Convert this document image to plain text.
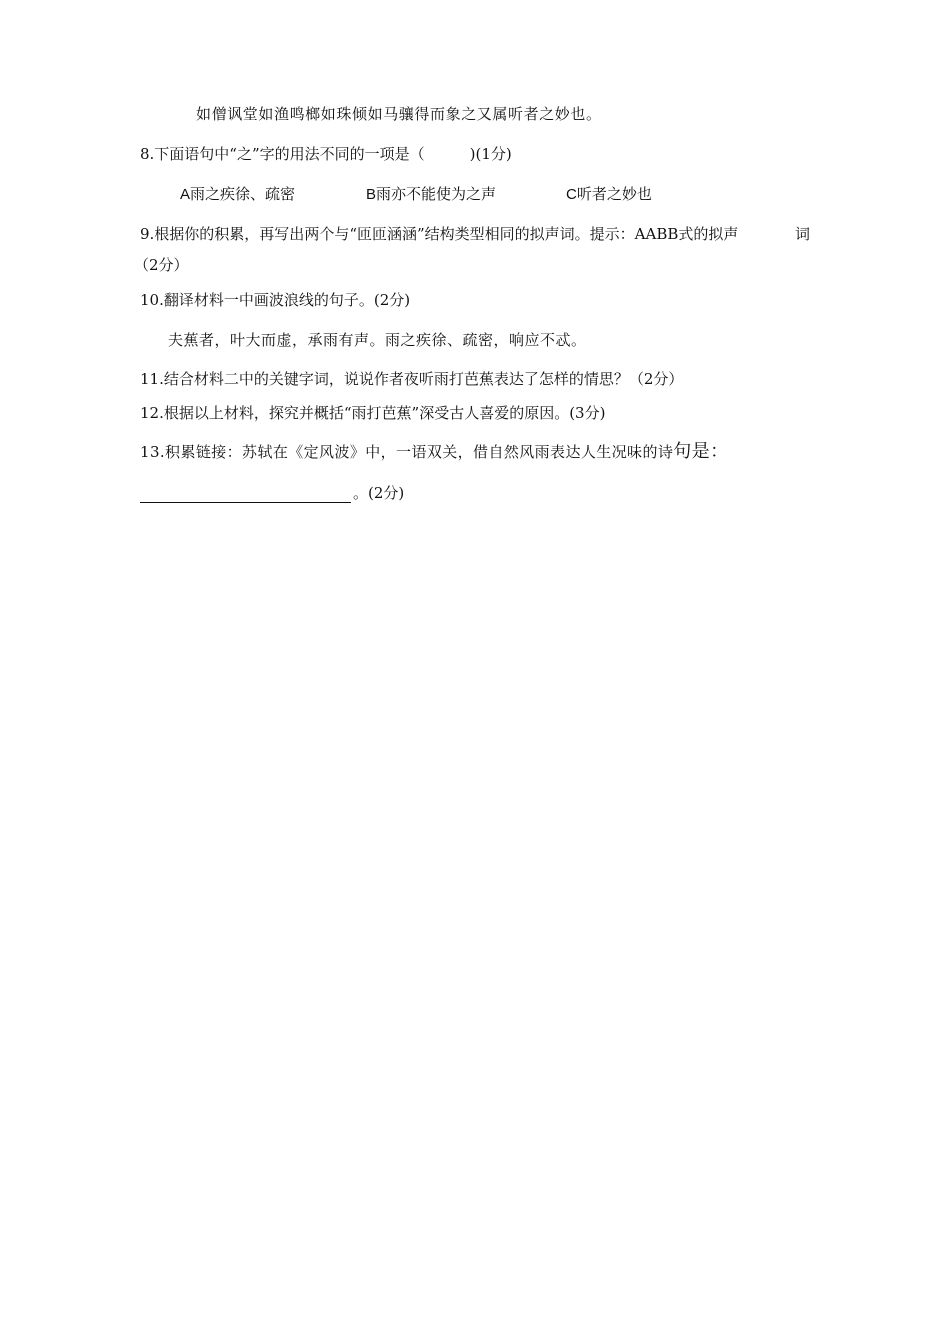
如僧讽堂如渔鸣榔如珠倾如马骧得而象之又属听者之妙也。
8.下面语句中“之”字的用法不同的一项是（　　　)(1分)
A雨之疾徐、疏密	B雨亦不能使为之声	C听者之妙也
9.根据你的积累，再写出两个与“匝匝涵涵”结构类型相同的拟声词。提示：AABB式的拟声	词
（2分）
10.翻译材料一中画波浪线的句子。(2分)
夫蕉者，叶大而虚，承雨有声。雨之疾徐、疏密，响应不忒。
11.结合材料二中的关键字词，说说作者夜听雨打芭蕉表达了怎样的情思？（2分）
12.根据以上材料，探究并概括“雨打芭蕉”深受古人喜爱的原因。(3分)
13.积累链接：苏轼在《定风波》中，一语双关，借自然风雨表达人生况味的诗句是：
。(2分)
